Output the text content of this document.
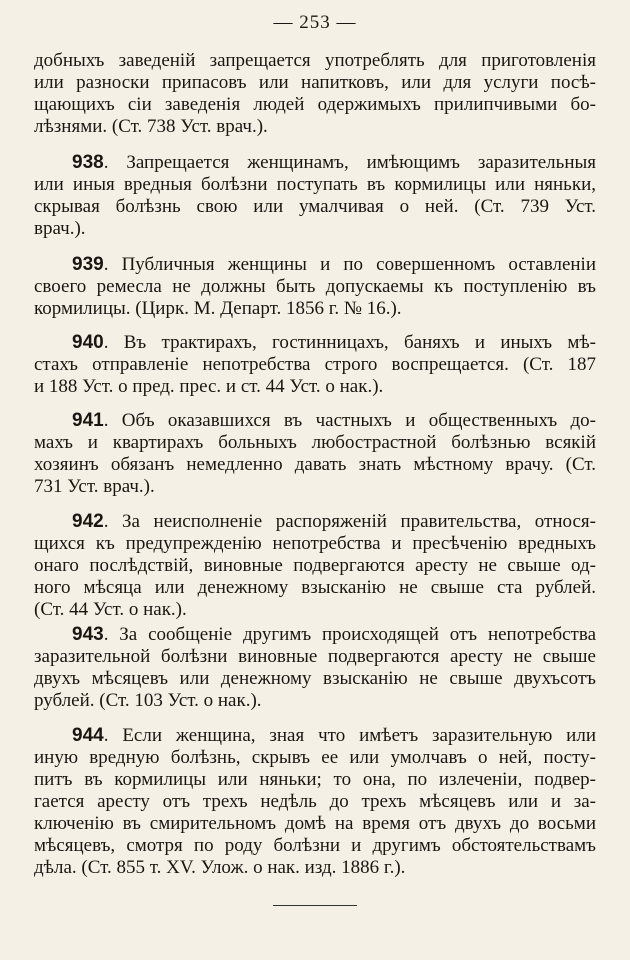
— 253 —
добныхъ заведеній запрещается употреблять для приготовленія
или разноски припасовъ или напитковъ, или для услуги посѣ-
щающихъ сіи заведенія людей одержимыхъ прилипчивыми бо-
лѣзнями. (Ст. 738 Уст. врач.).
938. Запрещается женщинамъ, имѣющимъ заразительныя
или иныя вредныя болѣзни поступать въ кормилицы или няньки,
скрывая болѣзнь свою или умалчивая о ней. (Ст. 739 Уст.
врач.).
939. Публичныя женщины и по совершенномъ оставленіи
своего ремесла не должны быть допускаемы къ поступленію въ
кормилицы. (Цирк. М. Департ. 1856 г. № 16.).
940. Въ трактирахъ, гостинницахъ, баняхъ и иныхъ мѣ-
стахъ отправленіе непотребства строго воспрещается. (Ст. 187
и 188 Уст. о пред. прес. и ст. 44 Уст. о нак.).
941. Объ оказавшихся въ частныхъ и общественныхъ до-
махъ и квартирахъ больныхъ любострастной болѣзнью всякій
хозяинъ обязанъ немедленно давать знать мѣстному врачу. (Ст.
731 Уст. врач.).
942. За неисполненіе распоряженій правительства, относя-
щихся къ предупрежденію непотребства и пресѣченію вредныхъ
онаго послѣдствій, виновные подвергаются аресту не свыше од-
ного мѣсяца или денежному взысканію не свыше ста рублей.
(Ст. 44 Уст. о нак.).
943. За сообщеніе другимъ происходящей отъ непотребства
заразительной болѣзни виновные подвергаются аресту не свыше
двухъ мѣсяцевъ или денежному взысканію не свыше двухъсотъ
рублей. (Ст. 103 Уст. о нак.).
944. Если женщина, зная что имѣетъ заразительную или
иную вредную болѣзнь, скрывъ ее или умолчавъ о ней, посту-
питъ въ кормилицы или няньки; то она, по излеченіи, подвер-
гается аресту отъ трехъ недѣль до трехъ мѣсяцевъ или и за-
ключенію въ смирительномъ домѣ на время отъ двухъ до восьми
мѣсяцевъ, смотря по роду болѣзни и другимъ обстоятельствамъ
дѣла. (Ст. 855 т. XV. Улож. о нак. изд. 1886 г.).
